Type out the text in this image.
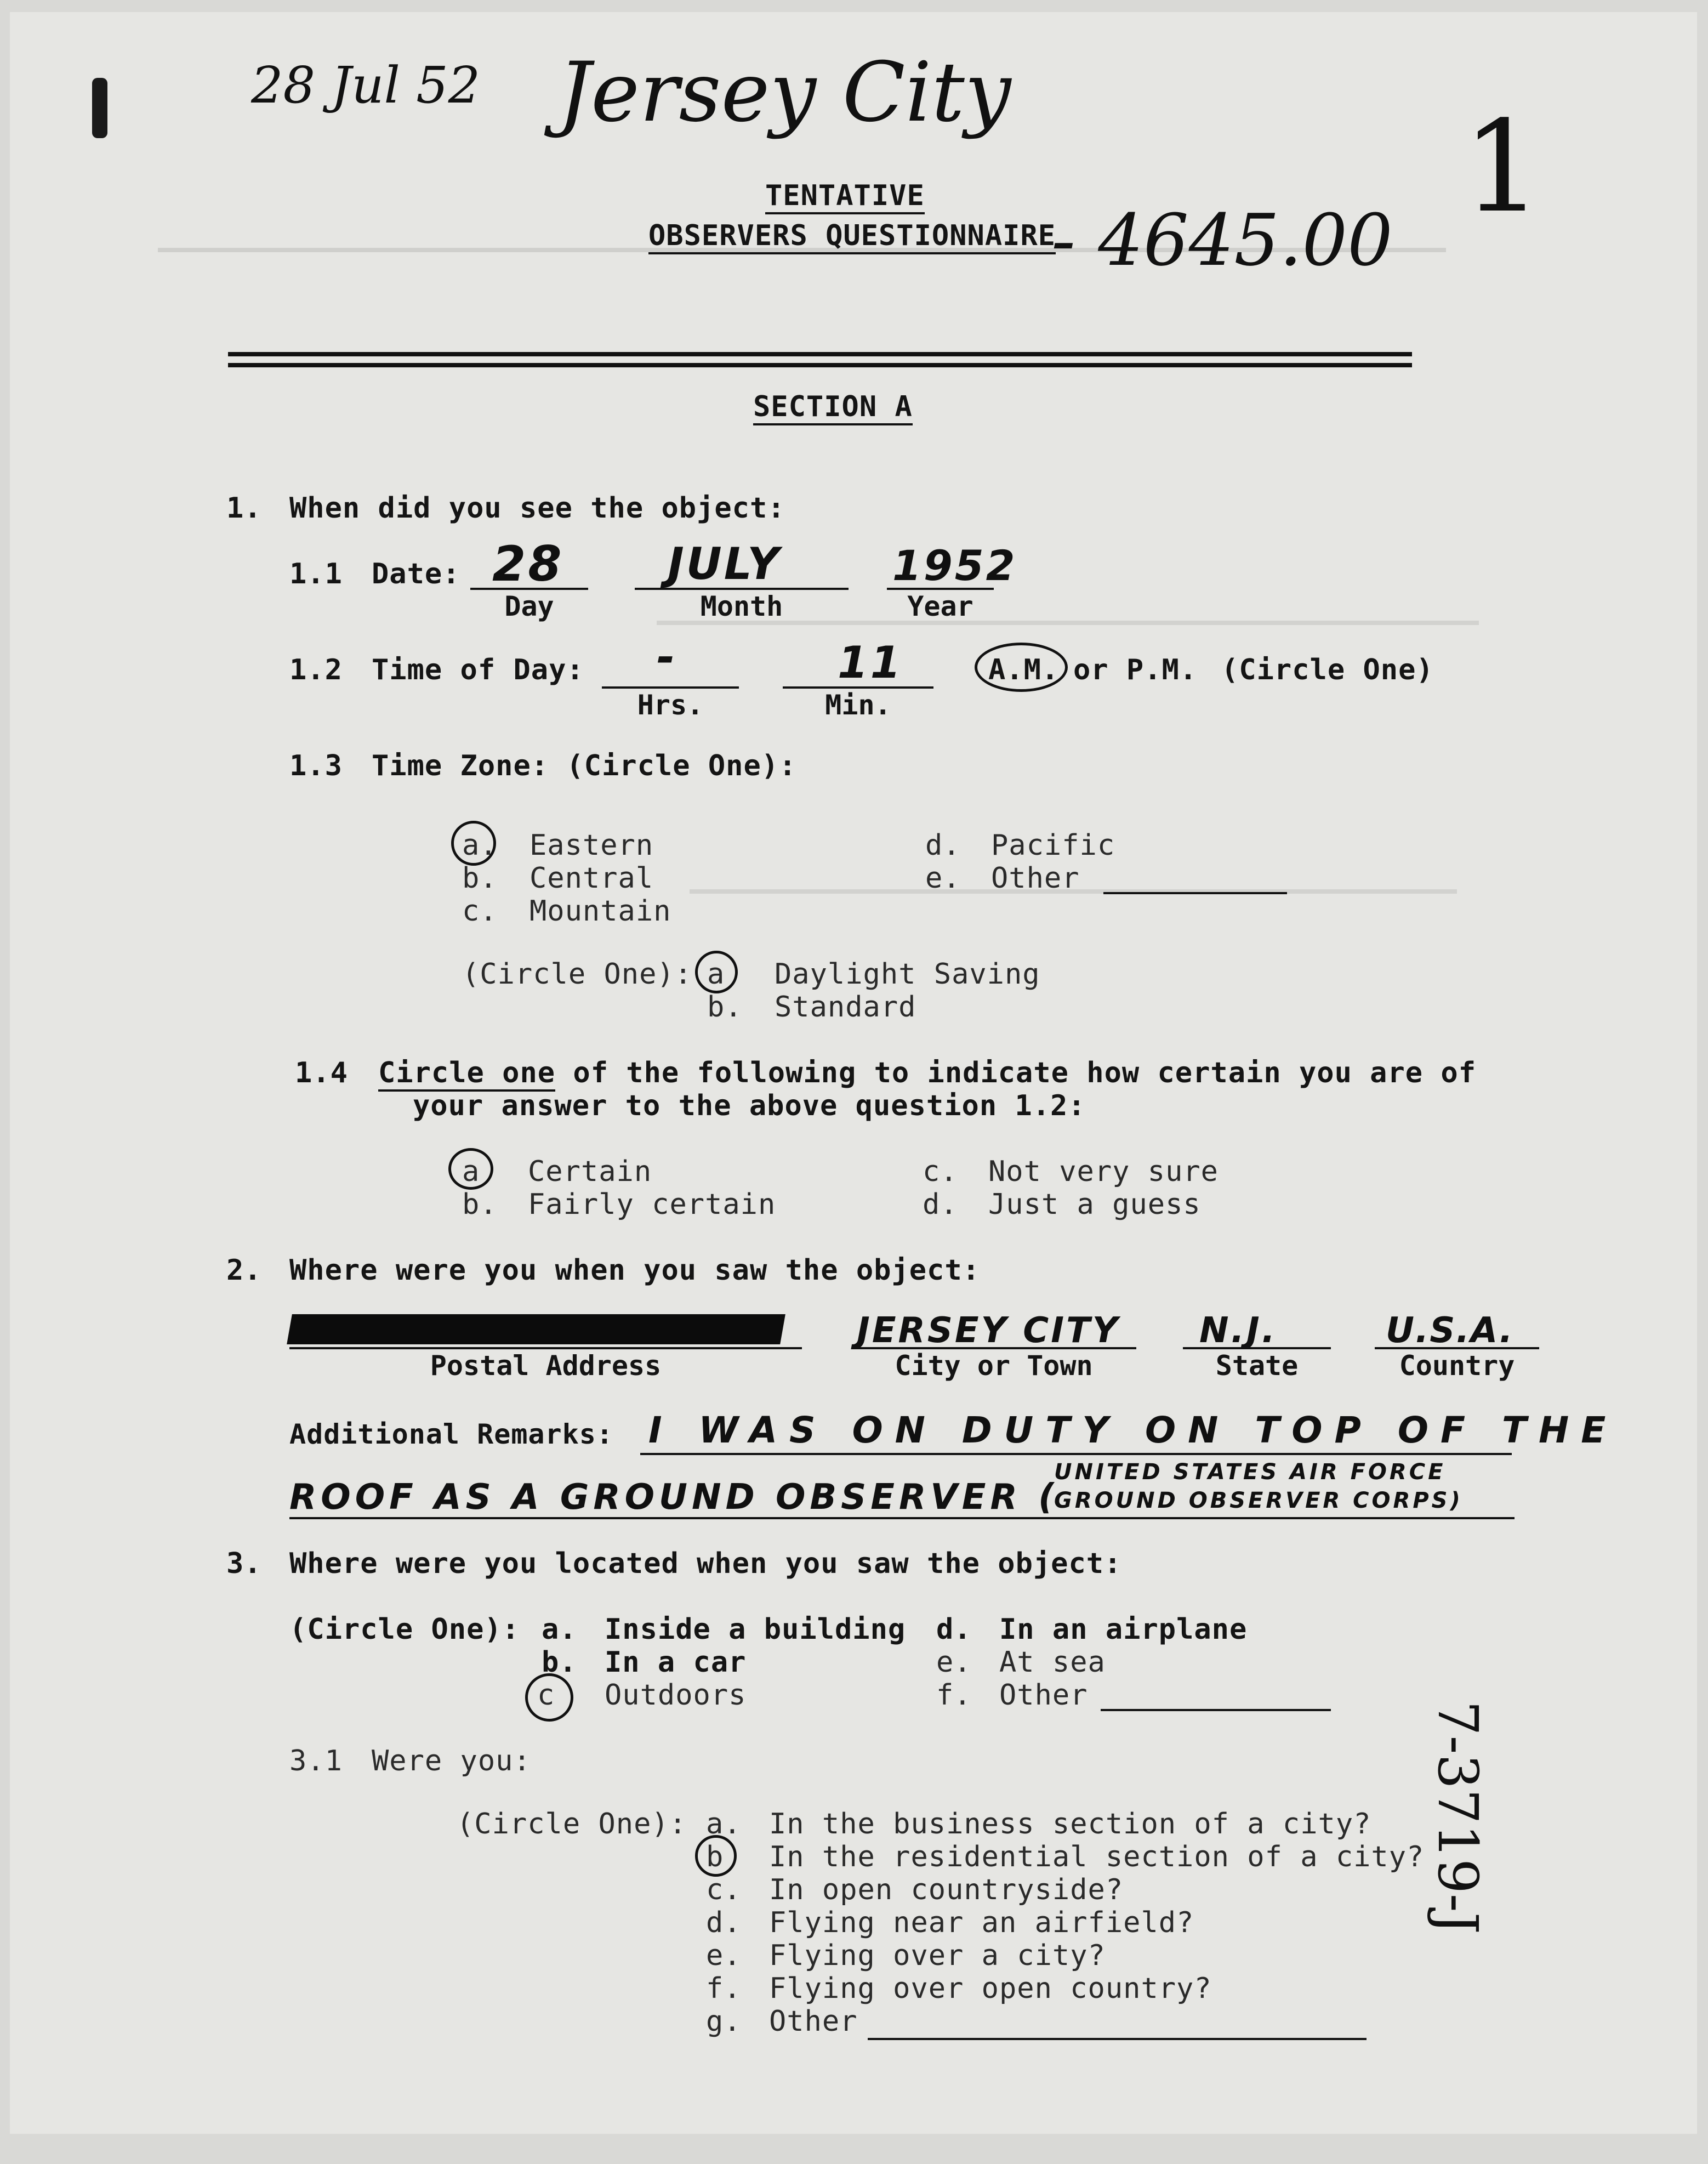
28 Jul 52 Jersey City
1
TENTATIVE
OBSERVERS QUESTIONNAIRE
- 4645.00
SECTION A
1. When did you see the object:
1.1 Date: 28
Day
JULY
Month
1952
Year
1.2 Time of Day: -
Hrs.
11
Min.
A.M. or P.M. (Circle One)
1.3 Time Zone: (Circle One):
a. Eastern
b. Central
c. Mountain
d. Pacific
e. Other
(Circle One): a Daylight Saving
b. Standard
1.4 Circle one of the following to indicate how certain you are of
your answer to the above question 1.2:
a Certain
b. Fairly certain
c. Not very sure
d. Just a guess
2. Where were you when you saw the object:
Postal Address
JERSEY CITY
City or Town
N.J.
State
U.S.A.
Country
Additional Remarks: I WAS ON DUTY ON TOP OF THE
ROOF AS A GROUND OBSERVER (
UNITED STATES AIR FORCE
GROUND OBSERVER CORPS)
3. Where were you located when you saw the object:
(Circle One): a. Inside a building
b. In a car
c Outdoors
d. In an airplane
e. At sea
f. Other
3.1 Were you:
(Circle One): a. In the business section of a city?
b In the residential section of a city?
c. In open countryside?
d. Flying near an airfield?
e. Flying over a city?
f. Flying over open country?
g. Other
7-3719-J
